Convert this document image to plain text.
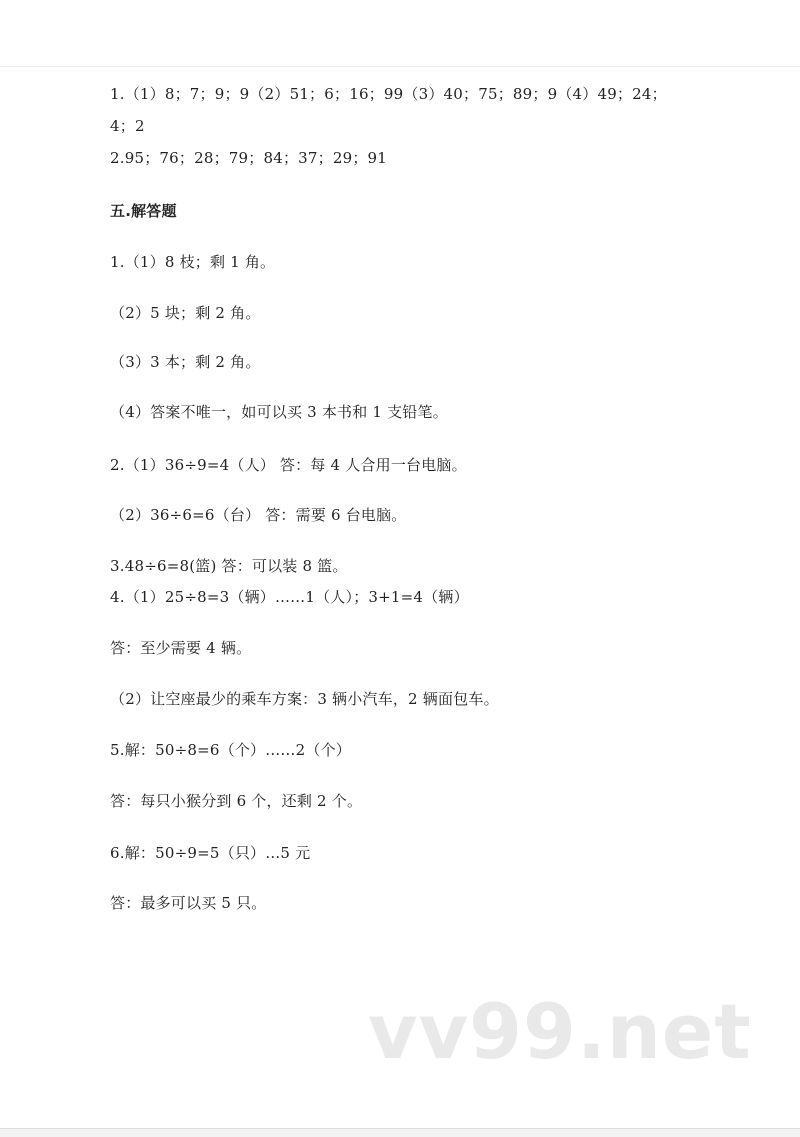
1.（1）8；7；9；9（2）51；6；16；99（3）40；75；89；9（4）49；24；
4；2
2.95；76；28；79；84；37；29；91
五.解答题
1.（1）8 枝；剩 1 角。
（2）5 块；剩 2 角。
（3）3 本；剩 2 角。
（4）答案不唯一，如可以买 3 本书和 1 支铅笔。
2.（1）36÷9=4（人） 答：每 4 人合用一台电脑。
（2）36÷6=6（台） 答：需要 6 台电脑。
3.48÷6=8(篮) 答：可以装 8 篮。
4.（1）25÷8=3（辆）……1（人）；3+1=4（辆）
答：至少需要 4 辆。
（2）让空座最少的乘车方案：3 辆小汽车，2 辆面包车。
5.解：50÷8=6（个）……2（个）
答：每只小猴分到 6 个，还剩 2 个。
6.解：50÷9=5（只）…5 元
答：最多可以买 5 只。
vv99.net
